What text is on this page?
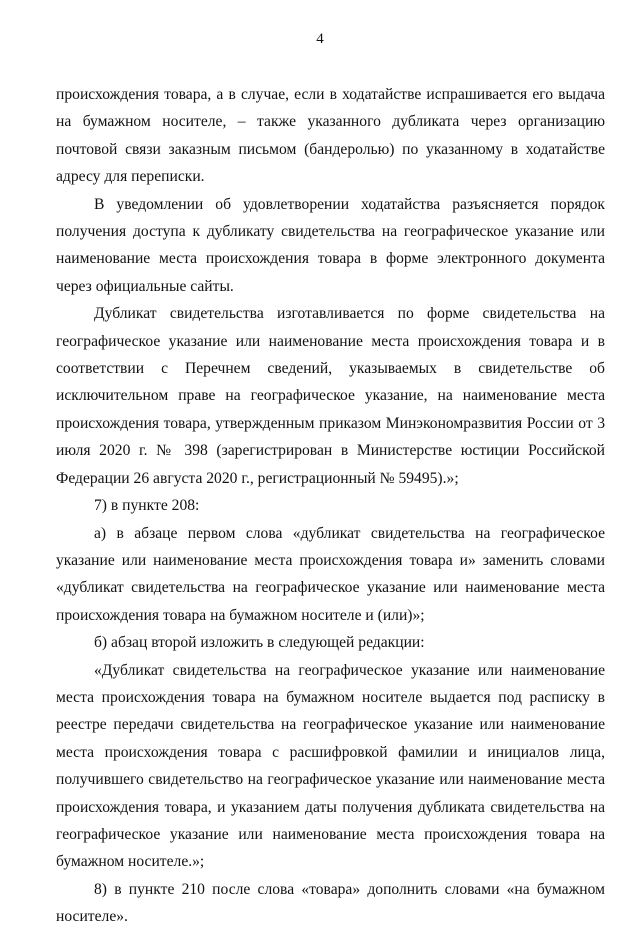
4

происхождения товара, а в случае, если в ходатайстве испрашивается его выдача на бумажном носителе, – также указанного дубликата через организацию почтовой связи заказным письмом (бандеролью) по указанному в ходатайстве адресу для переписки.

В уведомлении об удовлетворении ходатайства разъясняется порядок получения доступа к дубликату свидетельства на географическое указание или наименование места происхождения товара в форме электронного документа через официальные сайты.

Дубликат свидетельства изготавливается по форме свидетельства на географическое указание или наименование места происхождения товара и в соответствии с Перечнем сведений, указываемых в свидетельстве об исключительном праве на географическое указание, на наименование места происхождения товара, утвержденным приказом Минэкономразвития России от 3 июля 2020 г. № 398 (зарегистрирован в Министерстве юстиции Российской Федерации 26 августа 2020 г., регистрационный № 59495).»;

7) в пункте 208:

а) в абзаце первом слова «дубликат свидетельства на географическое указание или наименование места происхождения товара и» заменить словами «дубликат свидетельства на географическое указание или наименование места происхождения товара на бумажном носителе и (или)»;

б) абзац второй изложить в следующей редакции:

«Дубликат свидетельства на географическое указание или наименование места происхождения товара на бумажном носителе выдается под расписку в реестре передачи свидетельства на географическое указание или наименование места происхождения товара с расшифровкой фамилии и инициалов лица, получившего свидетельство на географическое указание или наименование места происхождения товара, и указанием даты получения дубликата свидетельства на географическое указание или наименование места происхождения товара на бумажном носителе.»;

8) в пункте 210 после слова «товара» дополнить словами «на бумажном носителе».
